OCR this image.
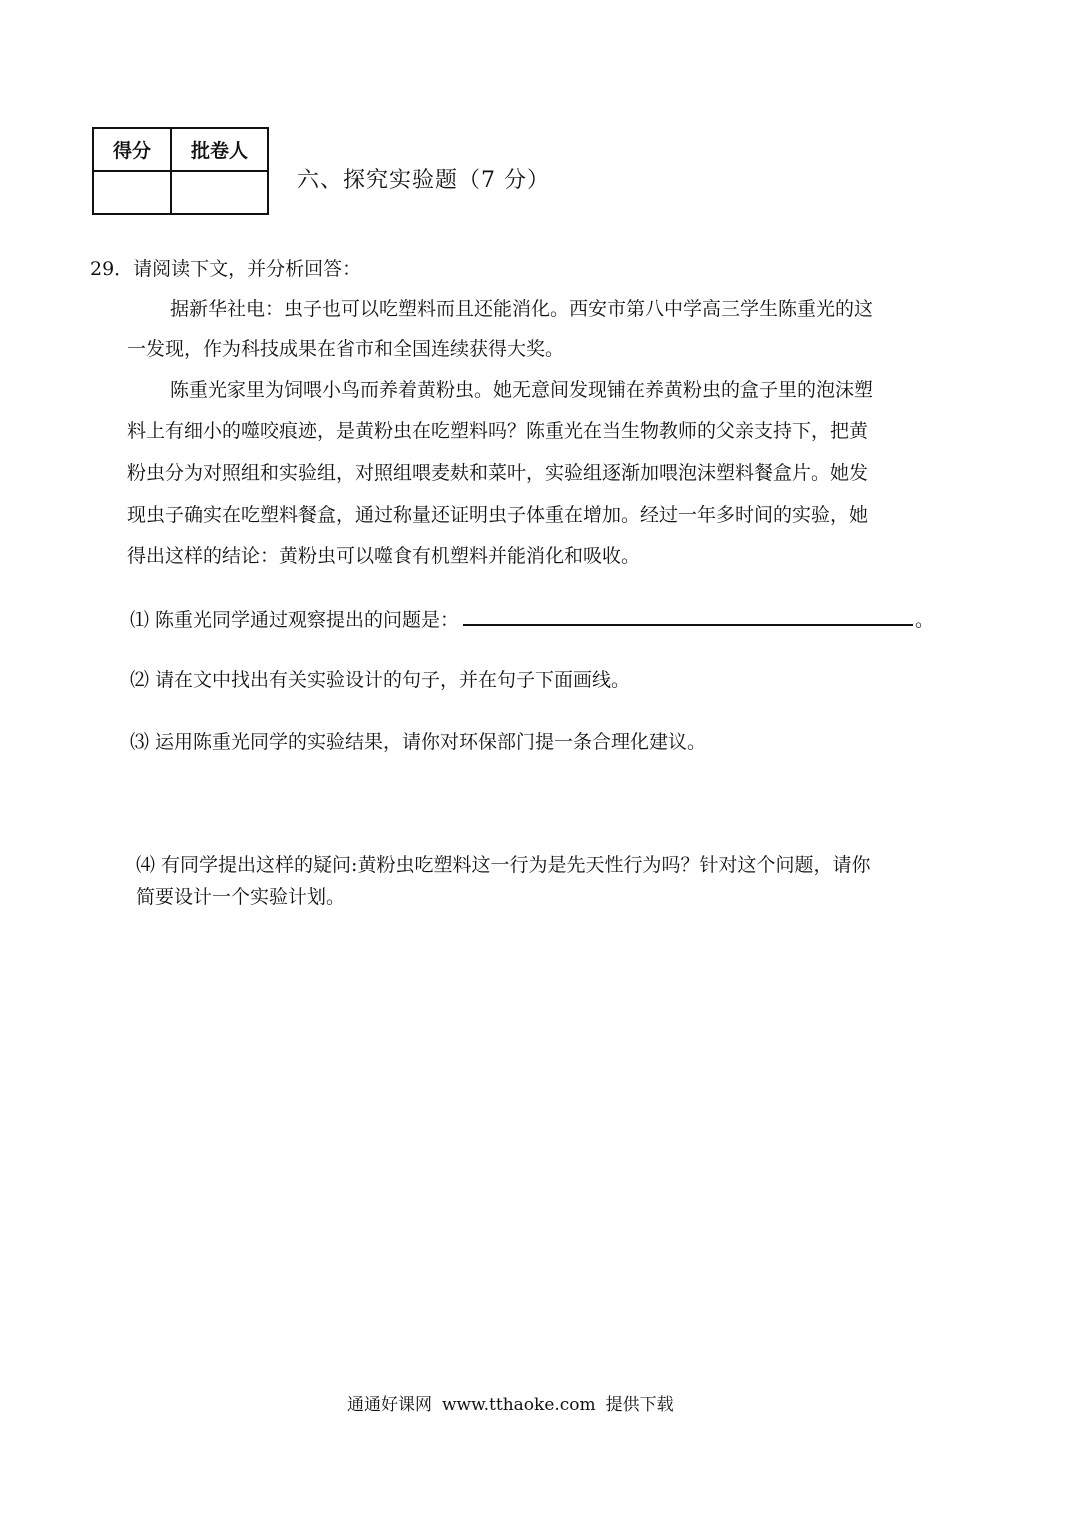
得分	批卷人

六、探究实验题（7 分）
29．请阅读下文，并分析回答：
据新华社电：虫子也可以吃塑料而且还能消化。西安市第八中学高三学生陈重光的这
一发现，作为科技成果在省市和全国连续获得大奖。
陈重光家里为饲喂小鸟而养着黄粉虫。她无意间发现铺在养黄粉虫的盒子里的泡沫塑
料上有细小的噬咬痕迹，是黄粉虫在吃塑料吗？陈重光在当生物教师的父亲支持下，把黄
粉虫分为对照组和实验组，对照组喂麦麸和菜叶，实验组逐渐加喂泡沫塑料餐盒片。她发
现虫子确实在吃塑料餐盒，通过称量还证明虫子体重在增加。经过一年多时间的实验，她
得出这样的结论：黄粉虫可以噬食有机塑料并能消化和吸收。
⑴ 陈重光同学通过观察提出的问题是：	。
⑵ 请在文中找出有关实验设计的句子，并在句子下面画线。
⑶ 运用陈重光同学的实验结果，请你对环保部门提一条合理化建议。
⑷ 有同学提出这样的疑问:黄粉虫吃塑料这一行为是先天性行为吗？针对这个问题，请你
简要设计一个实验计划。
通通好课网 www.tthaoke.com 提供下载
